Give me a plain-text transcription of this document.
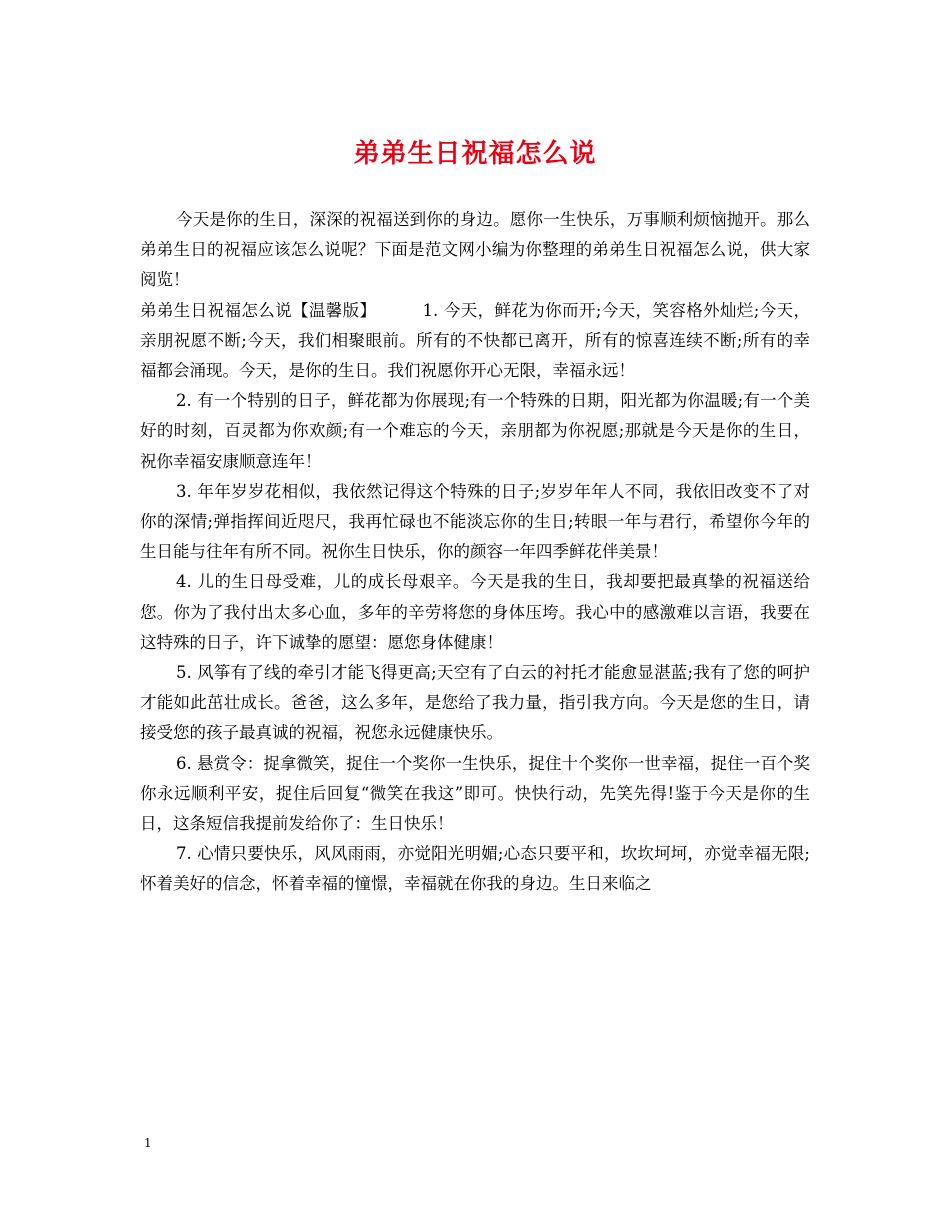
弟弟生日祝福怎么说

今天是你的生日，深深的祝福送到你的身边。愿你一生快乐，万事顺利烦恼抛开。那么弟弟生日的祝福应该怎么说呢？下面是范文网小编为你整理的弟弟生日祝福怎么说，供大家阅览！

弟弟生日祝福怎么说【温馨版】	1. 今天，鲜花为你而开;今天，笑容格外灿烂;今天，亲朋祝愿不断;今天，我们相聚眼前。所有的不快都已离开，所有的惊喜连续不断;所有的幸福都会涌现。今天，是你的生日。我们祝愿你开心无限，幸福永远！

2. 有一个特别的日子，鲜花都为你展现;有一个特殊的日期，阳光都为你温暖;有一个美好的时刻，百灵都为你欢颜;有一个难忘的今天，亲朋都为你祝愿;那就是今天是你的生日，祝你幸福安康顺意连年！

3. 年年岁岁花相似，我依然记得这个特殊的日子;岁岁年年人不同，我依旧改变不了对你的深情;弹指挥间近咫尺，我再忙碌也不能淡忘你的生日;转眼一年与君行，希望你今年的生日能与往年有所不同。祝你生日快乐，你的颜容一年四季鲜花伴美景！

4. 儿的生日母受难，儿的成长母艰辛。今天是我的生日，我却要把最真挚的祝福送给您。你为了我付出太多心血，多年的辛劳将您的身体压垮。我心中的感激难以言语，我要在这特殊的日子，许下诚挚的愿望：愿您身体健康！

5. 风筝有了线的牵引才能飞得更高;天空有了白云的衬托才能愈显湛蓝;我有了您的呵护才能如此茁壮成长。爸爸，这么多年，是您给了我力量，指引我方向。今天是您的生日，请接受您的孩子最真诚的祝福，祝您永远健康快乐。

6. 悬赏令：捉拿微笑，捉住一个奖你一生快乐，捉住十个奖你一世幸福，捉住一百个奖你永远顺利平安，捉住后回复“微笑在我这”即可。快快行动，先笑先得!鉴于今天是你的生日，这条短信我提前发给你了：生日快乐！

7. 心情只要快乐，风风雨雨，亦觉阳光明媚;心态只要平和，坎坎坷坷，亦觉幸福无限;怀着美好的信念，怀着幸福的憧憬，幸福就在你我的身边。生日来临之

1
